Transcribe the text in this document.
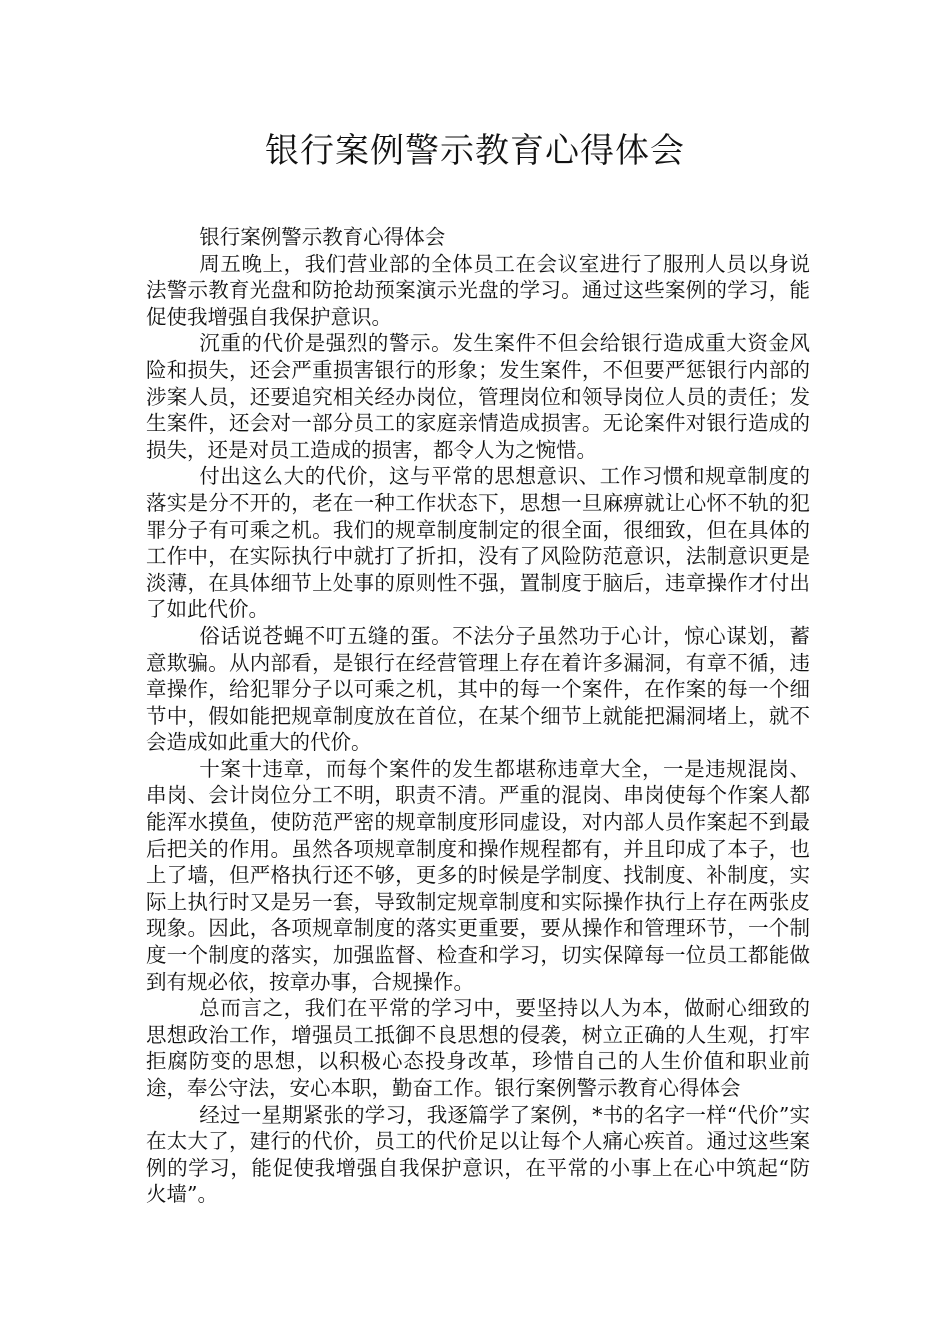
银行案例警示教育心得体会

银行案例警示教育心得体会

周五晚上，我们营业部的全体员工在会议室进行了服刑人员以身说法警示教育光盘和防抢劫预案演示光盘的学习。通过这些案例的学习，能促使我增强自我保护意识。

沉重的代价是强烈的警示。发生案件不但会给银行造成重大资金风险和损失，还会严重损害银行的形象；发生案件，不但要严惩银行内部的涉案人员，还要追究相关经办岗位，管理岗位和领导岗位人员的责任；发生案件，还会对一部分员工的家庭亲情造成损害。无论案件对银行造成的损失，还是对员工造成的损害，都令人为之惋惜。

付出这么大的代价，这与平常的思想意识、工作习惯和规章制度的落实是分不开的，老在一种工作状态下，思想一旦麻痹就让心怀不轨的犯罪分子有可乘之机。我们的规章制度制定的很全面，很细致，但在具体的工作中，在实际执行中就打了折扣，没有了风险防范意识，法制意识更是淡薄，在具体细节上处事的原则性不强，置制度于脑后，违章操作才付出了如此代价。

俗话说苍蝇不叮五缝的蛋。不法分子虽然功于心计，惊心谋划，蓄意欺骗。从内部看，是银行在经营管理上存在着许多漏洞，有章不循，违章操作，给犯罪分子以可乘之机，其中的每一个案件，在作案的每一个细节中，假如能把规章制度放在首位，在某个细节上就能把漏洞堵上，就不会造成如此重大的代价。

十案十违章，而每个案件的发生都堪称违章大全，一是违规混岗、串岗、会计岗位分工不明，职责不清。严重的混岗、串岗使每个作案人都能浑水摸鱼，使防范严密的规章制度形同虚设，对内部人员作案起不到最后把关的作用。虽然各项规章制度和操作规程都有，并且印成了本子，也上了墙，但严格执行还不够，更多的时候是学制度、找制度、补制度，实际上执行时又是另一套，导致制定规章制度和实际操作执行上存在两张皮现象。因此，各项规章制度的落实更重要，要从操作和管理环节，一个制度一个制度的落实，加强监督、检查和学习，切实保障每一位员工都能做到有规必依，按章办事，合规操作。

总而言之，我们在平常的学习中，要坚持以人为本，做耐心细致的思想政治工作，增强员工抵御不良思想的侵袭，树立正确的人生观，打牢拒腐防变的思想，以积极心态投身改革，珍惜自己的人生价值和职业前途，奉公守法，安心本职，勤奋工作。银行案例警示教育心得体会

经过一星期紧张的学习，我逐篇学了案例，*书的名字一样“代价”实在太大了，建行的代价，员工的代价足以让每个人痛心疾首。通过这些案例的学习，能促使我增强自我保护意识，在平常的小事上在心中筑起“防火墙”。
